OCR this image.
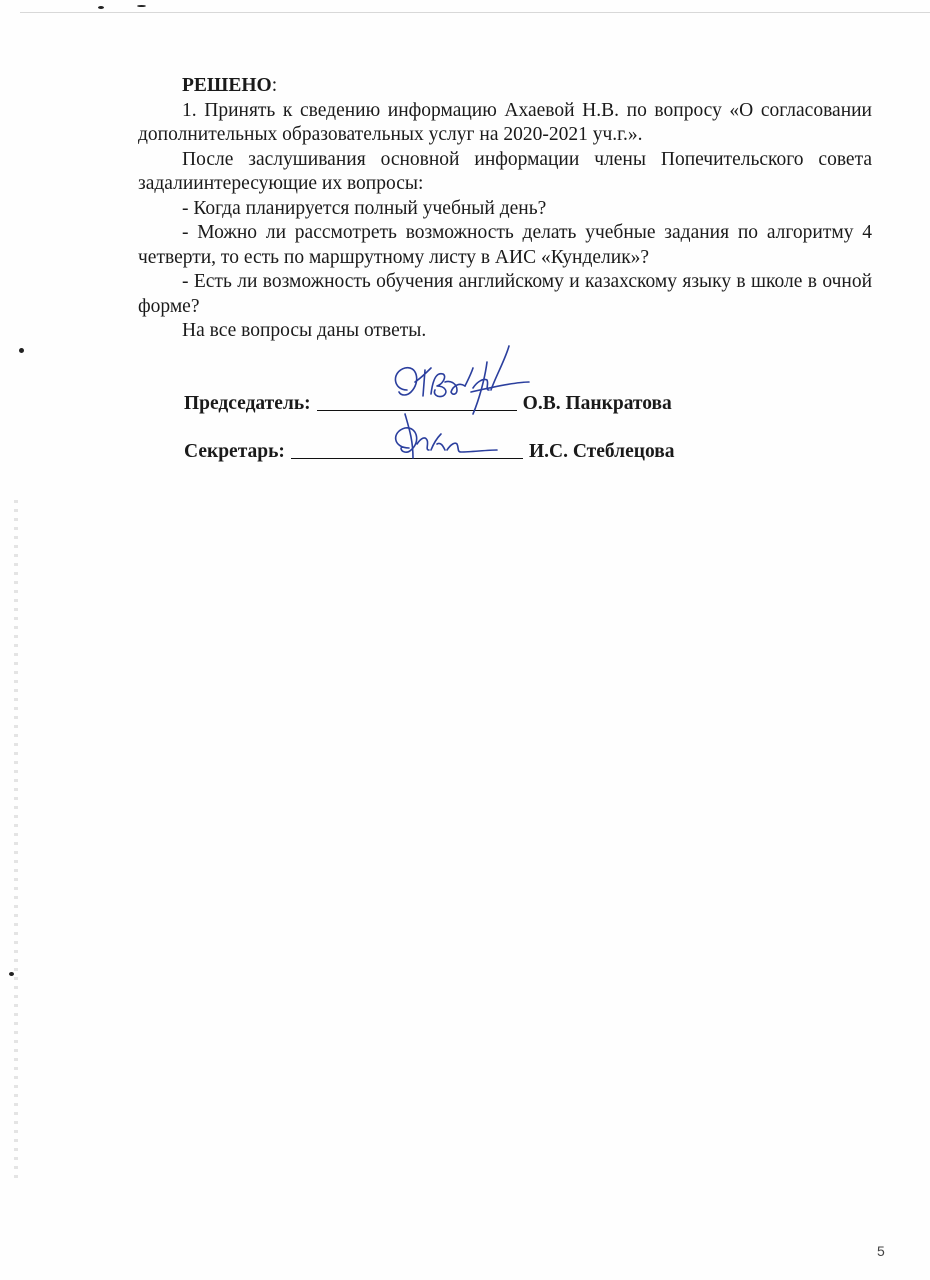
РЕШЕНО:

1. Принять к сведению информацию Ахаевой Н.В. по вопросу «О согласовании дополнительных образовательных услуг на 2020-2021 уч.г.».

После заслушивания основной информации члены Попечительского совета задалиинтересующие их вопросы:

- Когда планируется полный учебный день?

- Можно ли рассмотреть возможность делать учебные задания по алгоритму 4 четверти, то есть по маршрутному листу в АИС «Кунделик»?

- Есть ли возможность обучения английскому и казахскому языку в школе в очной форме?

На все вопросы даны ответы.

Председатель:	О.В. Панкратова
Секретарь:	И.С. Стеблецова
5
